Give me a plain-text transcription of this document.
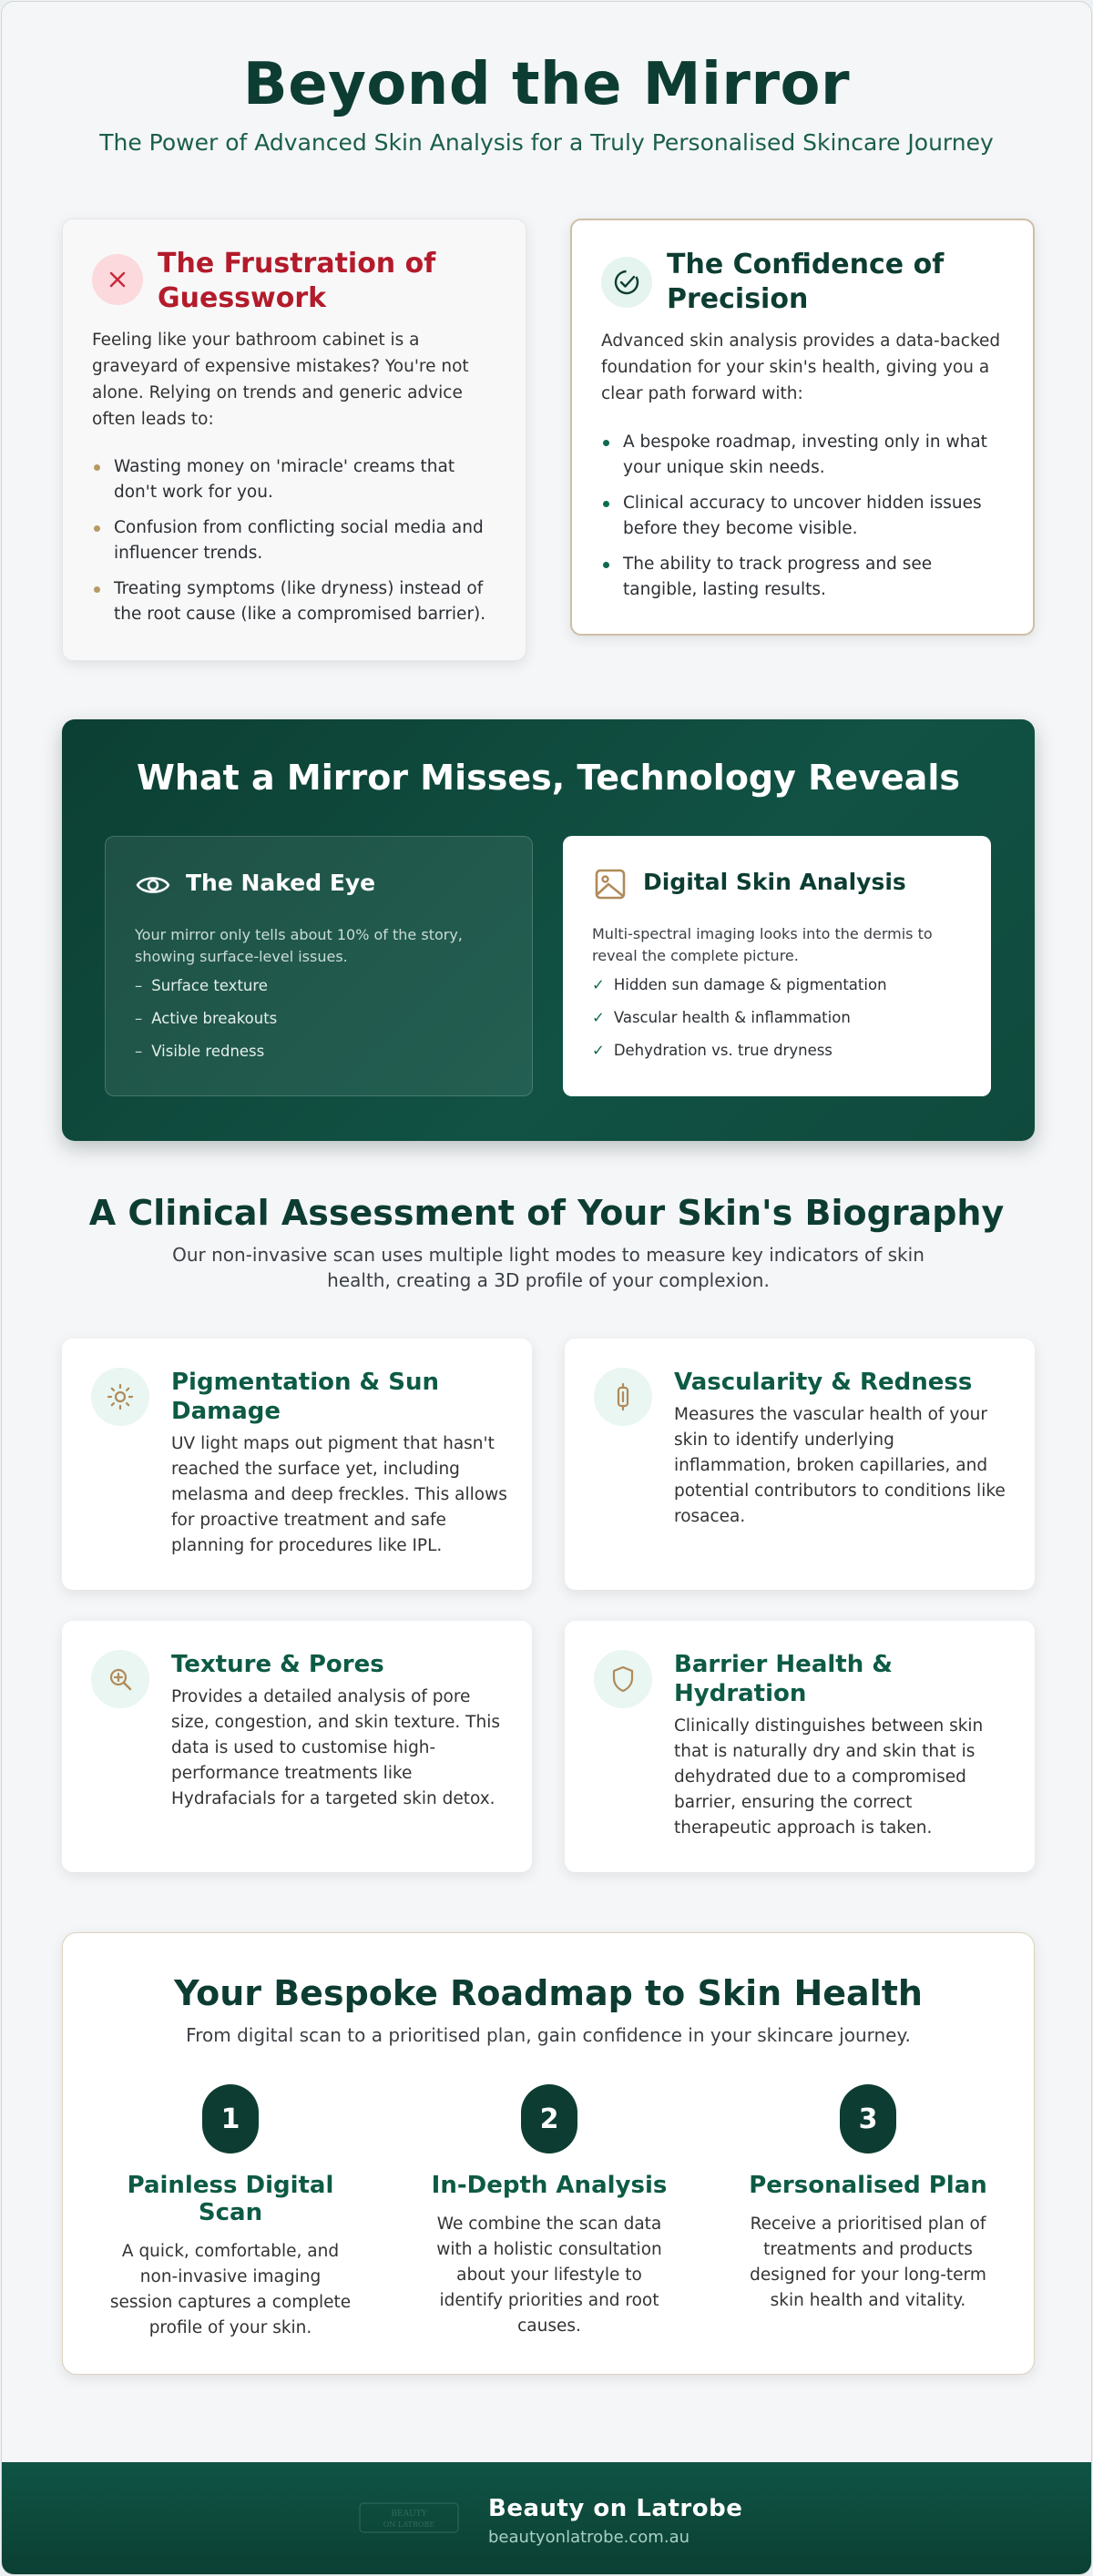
Beyond the Mirror

The Power of Advanced Skin Analysis for a Truly Personalised Skincare Journey

The Frustration of Guesswork

Feeling like your bathroom cabinet is a graveyard of expensive mistakes? You're not alone. Relying on trends and generic advice often leads to:

Wasting money on 'miracle' creams that don't work for you.
Confusion from conflicting social media and influencer trends.
Treating symptoms (like dryness) instead of the root cause (like a compromised barrier).
The Confidence of Precision

Advanced skin analysis provides a data-backed foundation for your skin's health, giving you a clear path forward with:

A bespoke roadmap, investing only in what your unique skin needs.
Clinical accuracy to uncover hidden issues before they become visible.
The ability to track progress and see tangible, lasting results.
What a Mirror Misses, Technology Reveals
The Naked Eye

Your mirror only tells about 10% of the story, showing surface-level issues.

– Surface texture
– Active breakouts
– Visible redness
Digital Skin Analysis

Multi-spectral imaging looks into the dermis to reveal the complete picture.

✓ Hidden sun damage & pigmentation
✓ Vascular health & inflammation
✓ Dehydration vs. true dryness
A Clinical Assessment of Your Skin's Biography

Our non-invasive scan uses multiple light modes to measure key indicators of skin health, creating a 3D profile of your complexion.

Pigmentation & Sun Damage

UV light maps out pigment that hasn't reached the surface yet, including melasma and deep freckles. This allows for proactive treatment and safe planning for procedures like IPL.

Vascularity & Redness

Measures the vascular health of your skin to identify underlying inflammation, broken capillaries, and potential contributors to conditions like rosacea.

Texture & Pores

Provides a detailed analysis of pore size, congestion, and skin texture. This data is used to customise high-performance treatments like Hydrafacials for a targeted skin detox.

Barrier Health & Hydration

Clinically distinguishes between skin that is naturally dry and skin that is dehydrated due to a compromised barrier, ensuring the correct therapeutic approach is taken.

Your Bespoke Roadmap to Skin Health

From digital scan to a prioritised plan, gain confidence in your skincare journey.

1
Painless Digital Scan

A quick, comfortable, and non-invasive imaging session captures a complete profile of your skin.

2
In-Depth Analysis

We combine the scan data with a holistic consultation about your lifestyle to identify priorities and root causes.

3
Personalised Plan

Receive a prioritised plan of treatments and products designed for your long-term skin health and vitality.

BEAUTY
ON LATROBE
Beauty on Latrobe
beautyonlatrobe.com.au
